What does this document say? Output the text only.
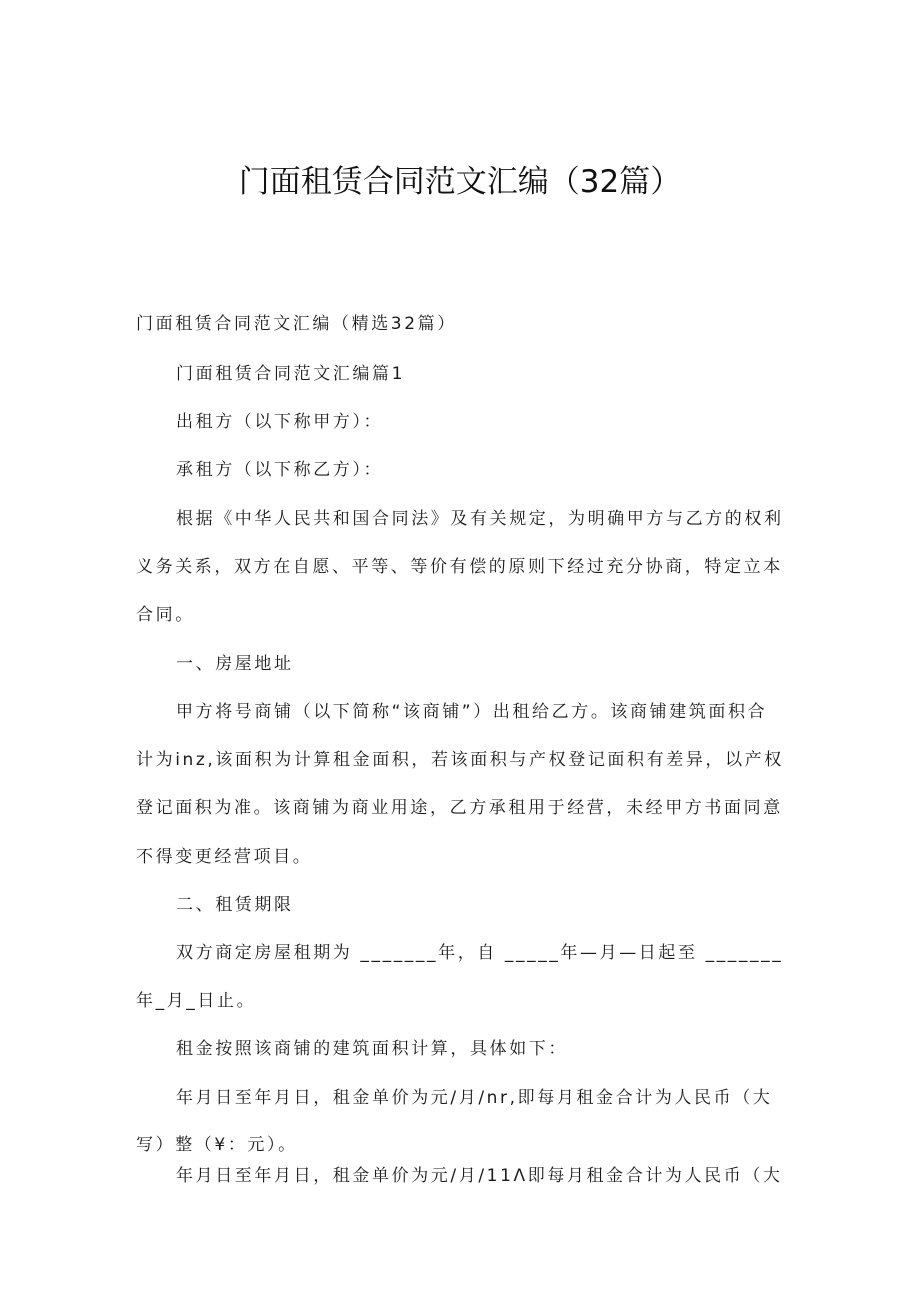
门面租赁合同范文汇编（32篇）
门面租赁合同范文汇编（精选32篇）
门面租赁合同范文汇编篇1
出租方（以下称甲方）：
承租方（以下称乙方）：
根据《中华人民共和国合同法》及有关规定，为明确甲方与乙方的权利
义务关系，双方在自愿、平等、等价有偿的原则下经过充分协商，特定立本
合同。
一、房屋地址
甲方将号商铺（以下简称“该商铺”）出租给乙方。该商铺建筑面积合
计为inz,该面积为计算租金面积，若该面积与产权登记面积有差异，以产权
登记面积为准。该商铺为商业用途，乙方承租用于经营，未经甲方书面同意
不得变更经营项目。
二、租赁期限
双方商定房屋租期为 _______年，自 _____年—月—日起至 _______
年_月_日止。
租金按照该商铺的建筑面积计算，具体如下：
年月日至年月日，租金单价为元/月/nr,即每月租金合计为人民币（大
写）整（¥：元）。
年月日至年月日，租金单价为元/月/11Λ即每月租金合计为人民币（大
